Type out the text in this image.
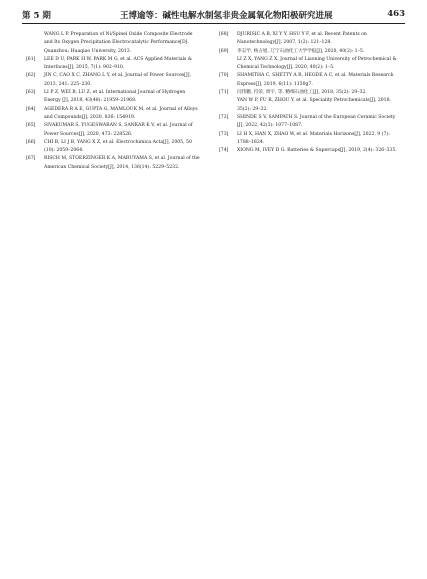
第 5 期	王博逾等：碱性电解水制氢非贵金属氧化物阳极研究进展	463
WANG L P. Preparation of Ni/Spinel Oxide Composite Electrode and Its Oxygen Precipitation Electrocatalytic Performance[D]. Quanzhou: Huaqiao University, 2013.
[61] LEE D U, PARK H W, PARK M G, et al. ACS Applied Materials & Interfaces[J], 2015, 7(1): 902–910.
[62] JIN C, CAO X C, ZHANG L Y, et al. Journal of Power Sources[J], 2013, 241: 225–230.
[63] LI P Z, WEI B, LU Z, et al. International Journal of Hydrogen Energy [J], 2018, 43(48): 21959–21968.
[64] AGEDERA R A E, GUPTA G, MAMLOUK M, et al. Journal of Alloys and Compounds[J], 2020, 836: 154919.
[65] SIVAKUMAR S, YUGESWARAN S, SANKAR K V, et al. Journal of Power Sources[J], 2020, 473: 228526.
[66] CHI B, LI J B, YANG X Z, et al. Electrochimica Acta[J], 2005, 50 (10): 2059–2064.
[67] RISCH M, STOERZINGER K A, MARUYAMA S, et al. Journal of the American Chemical Society[J], 2014, 136(14): 5229–5232.
[68] DJURISIC A B, XI Y Y, HSU Y F, et al. Recent Patents on Nanotechnology[J], 2007, 1(2): 121–128.
[69] 李志学, 杨占旭. 辽宁石油化工大学学报[J], 2020, 40(2): 1–5.
LI Z X, YANG Z X. Journal of Liaoning University of Petrochemical & Chemical Technology[J], 2020, 40(2): 1–5.
[70] SHAMITHA C, SHETTY A R, HEGDE A C, et al. Materials Research Express[J], 2019, 6(11): 1150g7.
[71] 闫伟鹏, 符荣, 周宇, 等. 精细石油化工[J], 2018, 35(2): 29–32.
YAN W P, FU R, ZHOU Y, et al. Speciality Petrochemicals[J], 2018, 35(2): 29–32.
[72] SHINDE S V, SAMPATH S. Journal of the European Ceramic Society [J], 2022, 42(3): 1077–1087.
[73] LI H X, HAN X, ZHAO W, et al. Materials Horizons[J], 2022, 9 (7): 1788–1824.
[74] XIONG M, IVEY D G. Batteries & Supercaps[J], 2019, 2(4): 326–335.
